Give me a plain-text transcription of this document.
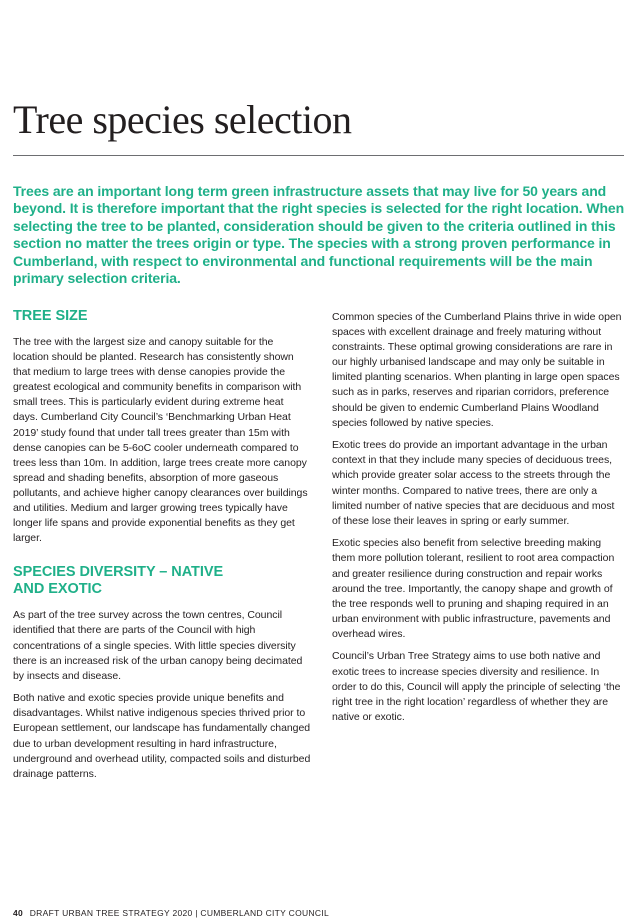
Tree species selection

Trees are an important long term green infrastructure assets that may live for 50 years and beyond. It is therefore important that the right species is selected for the right location. When selecting the tree to be planted, consideration should be given to the criteria outlined in this section no matter the trees origin or type. The species with a strong proven performance in Cumberland, with respect to environmental and functional requirements will be the main primary selection criteria.

TREE SIZE

The tree with the largest size and canopy suitable for the location should be planted. Research has consistently shown that medium to large trees with dense canopies provide the greatest ecological and community benefits in comparison with small trees. This is particularly evident during extreme heat days. Cumberland City Council’s ‘Benchmarking Urban Heat 2019’ study found that under tall trees greater than 15m with dense canopies can be 5-6oC cooler underneath compared to trees less than 10m. In addition, large trees create more canopy spread and shading benefits, absorption of more gaseous pollutants, and achieve higher canopy clearances over buildings and utilities. Medium and larger growing trees typically have longer life spans and provide exponential benefits as they get larger.

SPECIES DIVERSITY – NATIVE
AND EXOTIC

As part of the tree survey across the town centres, Council identified that there are parts of the Council with high concentrations of a single species. With little species diversity there is an increased risk of the urban canopy being decimated by insects and disease.

Both native and exotic species provide unique benefits and disadvantages. Whilst native indigenous species thrived prior to European settlement, our landscape has fundamentally changed due to urban development resulting in hard infrastructure, underground and overhead utility, compacted soils and disturbed drainage patterns.

Common species of the Cumberland Plains thrive in wide open spaces with excellent drainage and freely maturing without constraints. These optimal growing considerations are rare in our highly urbanised landscape and may only be suitable in limited planting scenarios. When planting in large open spaces such as in parks, reserves and riparian corridors, preference should be given to endemic Cumberland Plains Woodland species followed by native species.

Exotic trees do provide an important advantage in the urban context in that they include many species of deciduous trees, which provide greater solar access to the streets through the winter months. Compared to native trees, there are only a limited number of native species that are deciduous and most of these lose their leaves in spring or early summer.

Exotic species also benefit from selective breeding making them more pollution tolerant, resilient to root area compaction and greater resilience during construction and repair works around the tree. Importantly, the canopy shape and growth of the tree responds well to pruning and shaping required in an urban environment with public infrastructure, pavements and overhead wires.

Council’s Urban Tree Strategy aims to use both native and exotic trees to increase species diversity and resilience. In order to do this, Council will apply the principle of selecting ‘the right tree in the right location’ regardless of whether they are native or exotic.

40 DRAFT URBAN TREE STRATEGY 2020 | CUMBERLAND CITY COUNCIL
